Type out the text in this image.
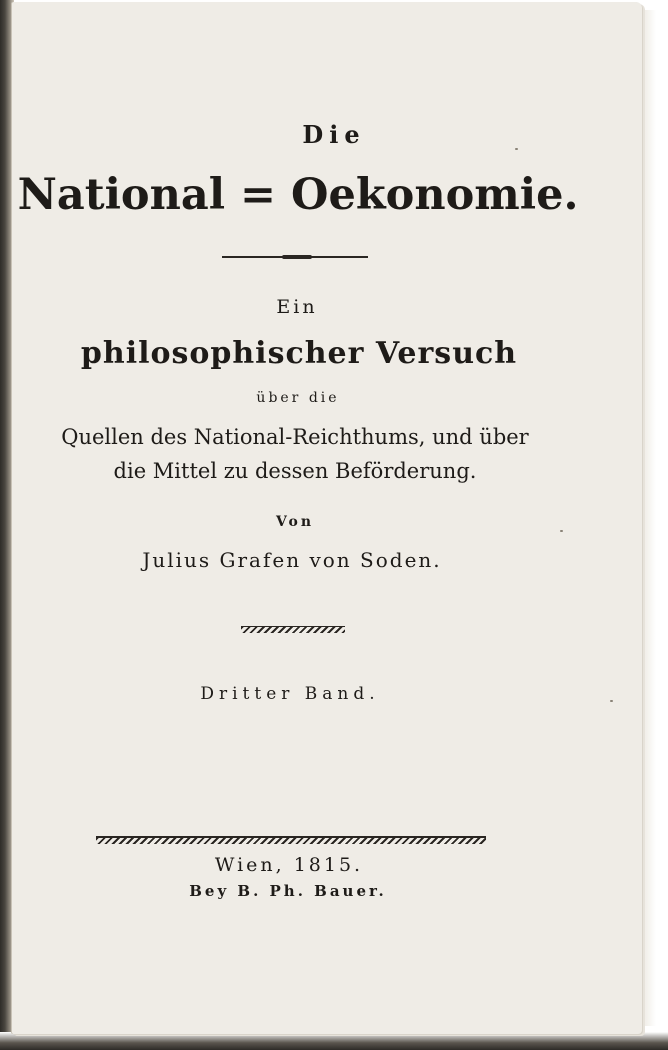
Die
National = Oekonomie.
Ein
philosophischer Versuch
über die
Quellen des National-Reichthums, und über
die Mittel zu dessen Beförderung.
Von
Julius Grafen von Soden.
Dritter Band.
Wien, 1815.
Bey B. Ph. Bauer.
